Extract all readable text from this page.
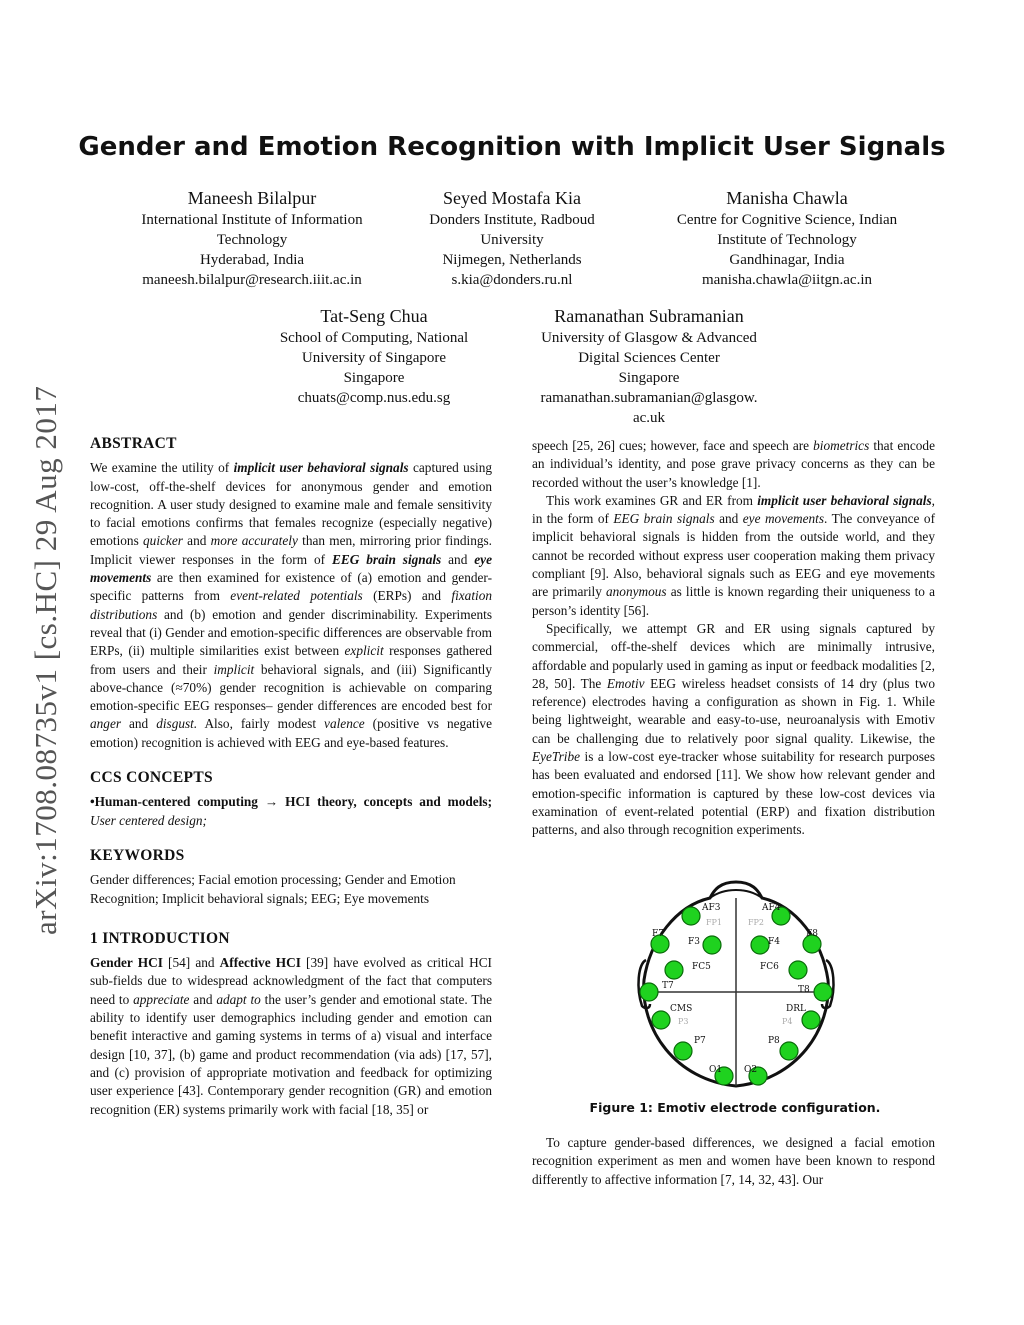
arXiv:1708.08735v1 [cs.HC] 29 Aug 2017
Gender and Emotion Recognition with Implicit User Signals
Maneesh Bilalpur
International Institute of Information
Technology
Hyderabad, India
maneesh.bilalpur@research.iiit.ac.in
Seyed Mostafa Kia
Donders Institute, Radboud
University
Nijmegen, Netherlands
s.kia@donders.ru.nl
Manisha Chawla
Centre for Cognitive Science, Indian
Institute of Technology
Gandhinagar, India
manisha.chawla@iitgn.ac.in
Tat-Seng Chua
School of Computing, National
University of Singapore
Singapore
chuats@comp.nus.edu.sg
Ramanathan Subramanian
University of Glasgow & Advanced
Digital Sciences Center
Singapore
ramanathan.subramanian@glasgow.
ac.uk
ABSTRACT

We examine the utility of implicit user behavioral signals captured using low-cost, off-the-shelf devices for anonymous gender and emotion recognition. A user study designed to examine male and female sensitivity to facial emotions confirms that females recognize (especially negative) emotions quicker and more accurately than men, mirroring prior findings. Implicit viewer responses in the form of EEG brain signals and eye movements are then examined for existence of (a) emotion and gender-specific patterns from event-related potentials (ERPs) and fixation distributions and (b) emotion and gender discriminability. Experiments reveal that (i) Gender and emotion-specific differences are observable from ERPs, (ii) multiple similarities exist between explicit responses gathered from users and their implicit behavioral signals, and (iii) Significantly above-chance (≈70%) gender recognition is achievable on comparing emotion-specific EEG responses– gender differences are encoded best for anger and disgust. Also, fairly modest valence (positive vs negative emotion) recognition is achieved with EEG and eye-based features.

CCS CONCEPTS

•Human-centered computing → HCI theory, concepts and models; User centered design;

KEYWORDS

Gender differences; Facial emotion processing; Gender and Emotion Recognition; Implicit behavioral signals; EEG; Eye movements

1 INTRODUCTION

Gender HCI [54] and Affective HCI [39] have evolved as critical HCI sub-fields due to widespread acknowledgment of the fact that computers need to appreciate and adapt to the user’s gender and emotional state. The ability to identify user demographics including gender and emotion can benefit interactive and gaming systems in terms of a) visual and interface design [10, 37], (b) game and product recommendation (via ads) [17, 57], and (c) provision of appropriate motivation and feedback for optimizing user experience [43]. Contemporary gender recognition (GR) and emotion recognition (ER) systems primarily work with facial [18, 35] or

speech [25, 26] cues; however, face and speech are biometrics that encode an individual’s identity, and pose grave privacy concerns as they can be recorded without the user’s knowledge [1].

This work examines GR and ER from implicit user behavioral signals, in the form of EEG brain signals and eye movements. The conveyance of implicit behavioral signals is hidden from the outside world, and they cannot be recorded without express user cooperation making them privacy compliant [9]. Also, behavioral signals such as EEG and eye movements are primarily anonymous as little is known regarding their uniqueness to a person’s identity [56].

Specifically, we attempt GR and ER using signals captured by commercial, off-the-shelf devices which are minimally intrusive, affordable and popularly used in gaming as input or feedback modalities [2, 28, 50]. The Emotiv EEG wireless headset consists of 14 dry (plus two reference) electrodes having a configuration as shown in Fig. 1. While being lightweight, wearable and easy-to-use, neuroanalysis with Emotiv can be challenging due to relatively poor signal quality. Likewise, the EyeTribe is a low-cost eye-tracker whose suitability for research purposes has been evaluated and endorsed [11]. We show how relevant gender and emotion-specific information is captured by these low-cost devices via examination of event-related potential (ERP) and fixation distribution patterns, and also through recognition experiments.

AF3	AF4
F7	F8
F3	F4
FC5	FC6
T7	T8
CMS	DRL
P7	P8
O1 O2
FP1	FP2
P3	P4
Figure 1: Emotiv electrode configuration.

To capture gender-based differences, we designed a facial emotion recognition experiment as men and women have been known to respond differently to affective information [7, 14, 32, 43]. Our
